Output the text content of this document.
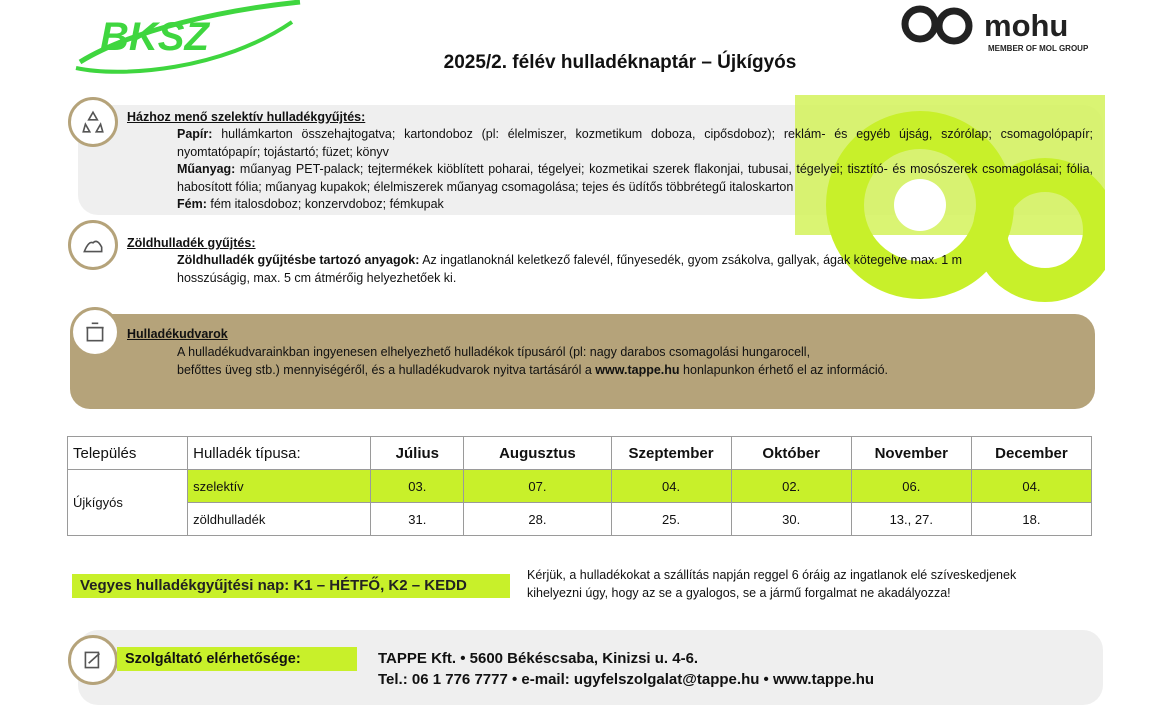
BKSZ	mohu
MEMBER OF MOL GROUP
2025/2. félév hulladéknaptár – Újkígyós
Házhoz menő szelektív hulladékgyűjtés:
Papír: hullámkarton összehajtogatva; kartondoboz (pl: élelmiszer, kozmetikum doboza, cipősdoboz); reklám- és egyéb újság, szórólap; csomagolópapír; nyomtatópapír; tojástartó; füzet; könyv
Műanyag: műanyag PET-palack; tejtermékek kiöblített poharai, tégelyei; kozmetikai szerek flakonjai, tubusai, tégelyei; tisztító- és mosószerek csomagolásai; fólia, habosított fólia; műanyag kupakok; élelmiszerek műanyag csomagolása; tejes és üdítős többrétegű italoskarton
Fém: fém italosdoboz; konzervdoboz; fémkupak
Zöldhulladék gyűjtés:
Zöldhulladék gyűjtésbe tartozó anyagok: Az ingatlanoknál keletkező falevél, fűnyesedék, gyom zsákolva, gallyak, ágak kötegelve max. 1 m hosszúságig, max. 5 cm átmérőig helyezhetőek ki.
Hulladékudvarok
A hulladékudvarainkban ingyenesen elhelyezhető hulladékok típusáról (pl: nagy darabos csomagolási hungarocell,
befőttes üveg stb.) mennyiségéről, és a hulladékudvarok nyitva tartásáról a www.tappe.hu honlapunkon érhető el az információ.
Település	Hulladék típusa:	Július	Augusztus	Szeptember	Október	November	December
Újkígyós	szelektív	03.	07.	04.	02.	06.	04.
	zöldhulladék	31.	28.	25.	30.	13., 27.	18.
Vegyes hulladékgyűjtési nap: K1 – HÉTFŐ, K2 – KEDD
Kérjük, a hulladékokat a szállítás napján reggel 6 óráig az ingatlanok elé szíveskedjenek
kihelyezni úgy, hogy az se a gyalogos, se a jármű forgalmat ne akadályozza!
Szolgáltató elérhetősége:	TAPPE Kft. • 5600 Békéscsaba, Kinizsi u. 4-6.
Tel.: 06 1 776 7777 • e-mail: ugyfelszolgalat@tappe.hu • www.tappe.hu
